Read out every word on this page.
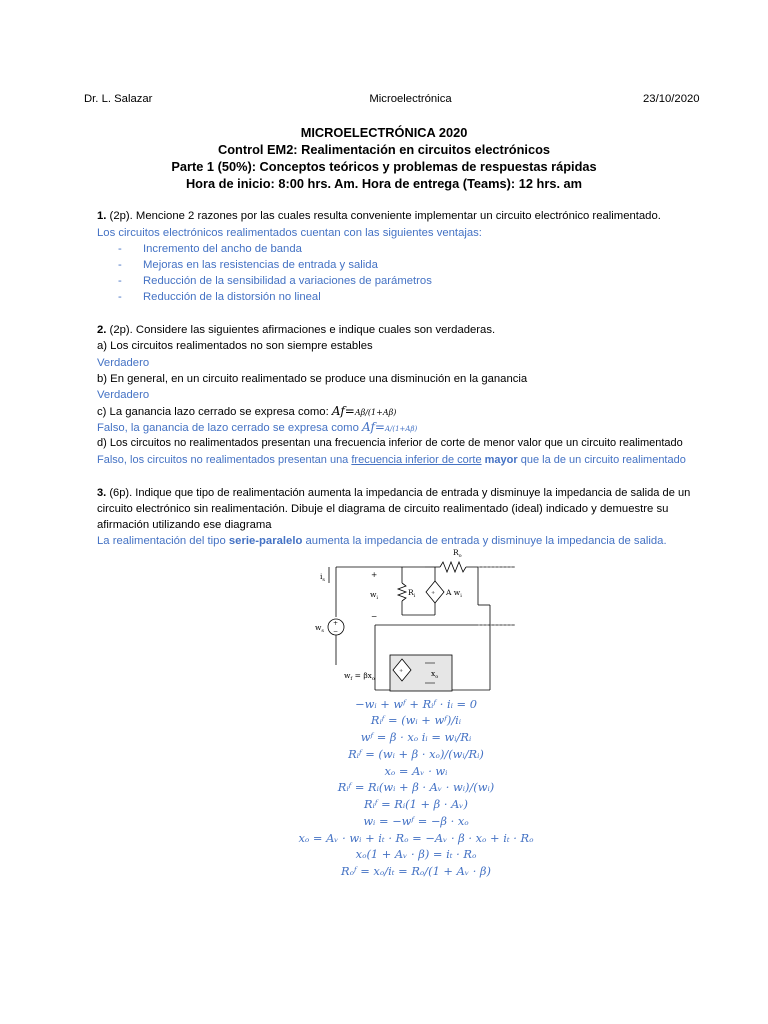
Dr. L. Salazar	Microelectrónica	23/10/2020
MICROELECTRÓNICA 2020
Control EM2: Realimentación en circuitos electrónicos
Parte 1 (50%): Conceptos teóricos y problemas de respuestas rápidas
Hora de inicio: 8:00 hrs. Am. Hora de entrega (Teams): 12 hrs. am
1. (2p). Mencione 2 razones por las cuales resulta conveniente implementar un circuito electrónico realimentado.
Los circuitos electrónicos realimentados cuentan con las siguientes ventajas:
- Incremento del ancho de banda
- Mejoras en las resistencias de entrada y salida
- Reducción de la sensibilidad a variaciones de parámetros
- Reducción de la distorsión no lineal
2. (2p). Considere las siguientes afirmaciones e indique cuales son verdaderas.
a) Los circuitos realimentados no son siempre estables
Verdadero
b) En general, en un circuito realimentado se produce una disminución en la ganancia
Verdadero
c) La ganancia lazo cerrado se expresa como: Af=Aβ/(1+Aβ)
Falso, la ganancia de lazo cerrado se expresa como Af=A/(1+Aβ)
d) Los circuitos no realimentados presentan una frecuencia inferior de corte de menor valor que un circuito realimentado
Falso, los circuitos no realimentados presentan una frecuencia inferior de corte mayor que la de un circuito realimentado
3. (6p). Indique que tipo de realimentación aumenta la impedancia de entrada y disminuye la impedancia de salida de un
circuito electrónico sin realimentación. Dibuje el diagrama de circuito realimentado (ideal) indicado y demuestre su
afirmación utilizando ese diagrama
La realimentación del tipo serie-paralelo aumenta la impedancia de entrada y disminuye la impedancia de salida.
+
−
$R_o$
$i_s$
+
−
$w_i$
$R_i$	+ A $w_i$
$w_s$
$w_f = \beta x_o$
$x_o$
+
−wᵢ + wᶠ + Rᵢᶠ · iᵢ = 0
Rᵢᶠ = (wᵢ + wᶠ)/iᵢ
wᶠ = β · xₒ iᵢ = wᵢ/Rᵢ
Rᵢᶠ = (wᵢ + β · xₒ)/(wᵢ/Rᵢ)
xₒ = Aᵥ · wᵢ
Rᵢᶠ = Rᵢ(wᵢ + β · Aᵥ · wᵢ)/(wᵢ)
Rᵢᶠ = Rᵢ(1 + β · Aᵥ)
wᵢ = −wᶠ = −β · xₒ
xₒ = Aᵥ · wᵢ + iₜ · Rₒ = −Aᵥ · β · xₒ + iₜ · Rₒ
xₒ(1 + Aᵥ · β) = iₜ · Rₒ
Rₒᶠ = xₒ/iₜ = Rₒ/(1 + Aᵥ · β)
